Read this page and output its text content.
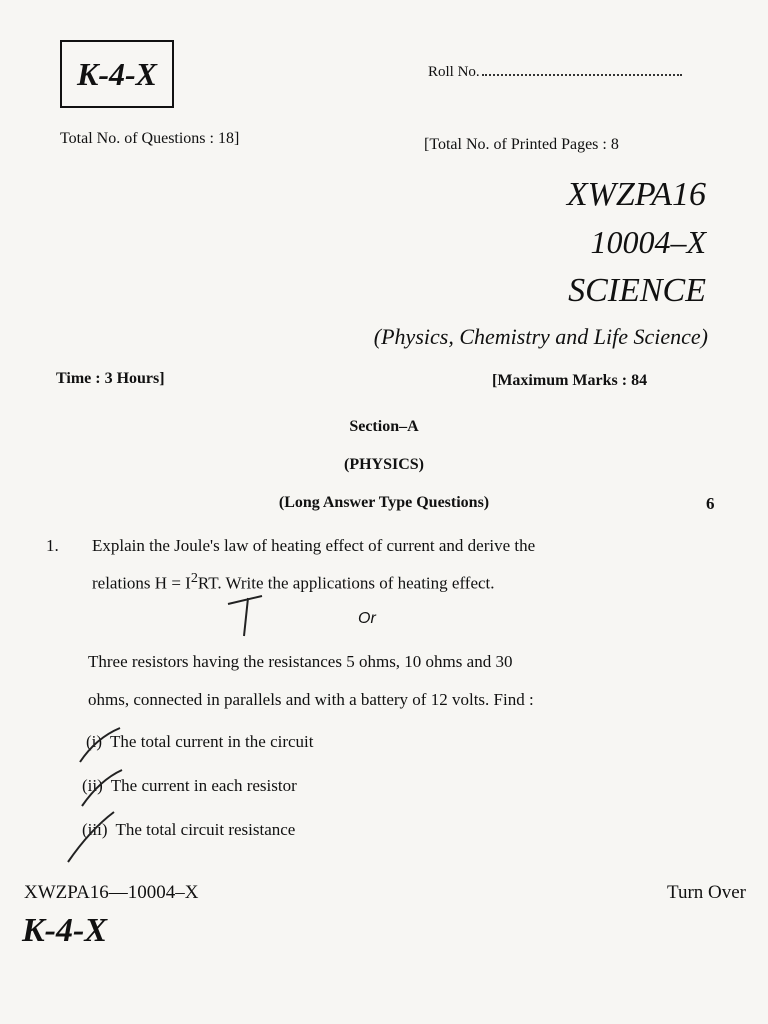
K-4-X	Roll No.
Total No. of Questions : 18]	[Total No. of Printed Pages : 8
XWZPA16
10004–X
SCIENCE
(Physics, Chemistry and Life Science)
Time : 3 Hours]	[Maximum Marks : 84
Section–A
(PHYSICS)
(Long Answer Type Questions)	6
1. Explain the Joule's law of heating effect of current and derive the
relations $H = I^2RT$. Write the applications of heating effect.
Or
Three resistors having the resistances 5 ohms, 10 ohms and 30
ohms, connected in parallels and with a battery of 12 volts. Find :
(i) The total current in the circuit
(ii) The current in each resistor
(iii) The total circuit resistance
XWZPA16—10004–X	Turn Over
K-4-X
